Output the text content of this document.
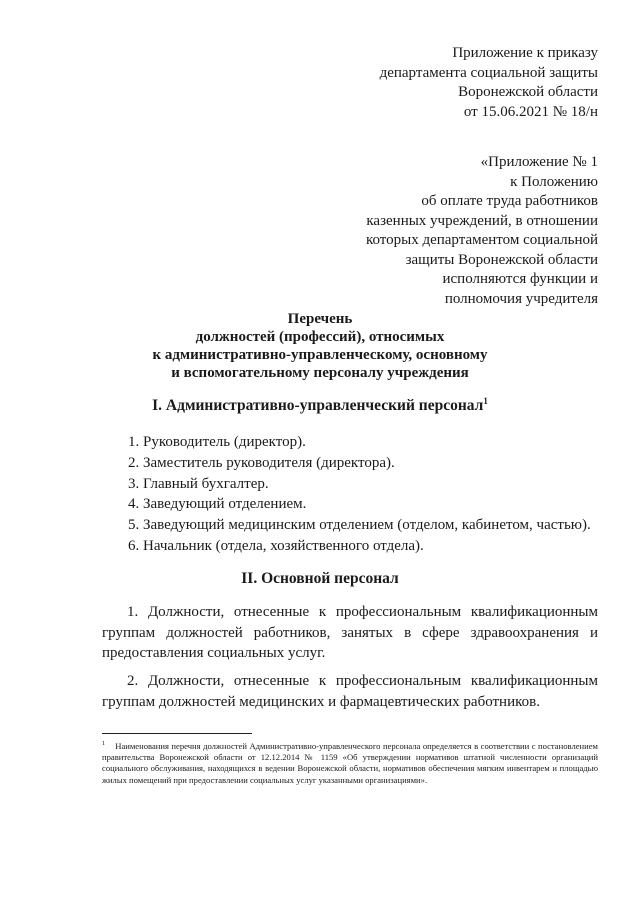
Приложение к приказу
департамента социальной защиты
Воронежской области
от 15.06.2021 № 18/н
«Приложение № 1
к Положению
об оплате труда работников
казенных учреждений, в отношении
которых департаментом социальной
защиты Воронежской области
исполняются функции и
полномочия учредителя
Перечень
должностей (профессий), относимых
к административно-управленческому, основному
и вспомогательному персоналу учреждения
I. Административно-управленческий персонал$^1$
1. Руководитель (директор).
2. Заместитель руководителя (директора).
3. Главный бухгалтер.
4. Заведующий отделением.
5. Заведующий медицинским отделением (отделом, кабинетом, частью).
6. Начальник (отдела, хозяйственного отдела).
II. Основной персонал

1. Должности, отнесенные к профессиональным квалификационным группам должностей работников, занятых в сфере здравоохранения и предоставления социальных услуг.

2. Должности, отнесенные к профессиональным квалификационным группам должностей медицинских и фармацевтических работников.

$^1$ Наименования перечня должностей Административно-управленческого персонала определяется в соответствии с постановлением правительства Воронежской области от 12.12.2014 № 1159 «Об утверждении нормативов штатной численности организаций социального обслуживания, находящихся в ведении Воронежской области, нормативов обеспечения мягким инвентарем и площадью жилых помещений при предоставлении социальных услуг указанными организациями».
